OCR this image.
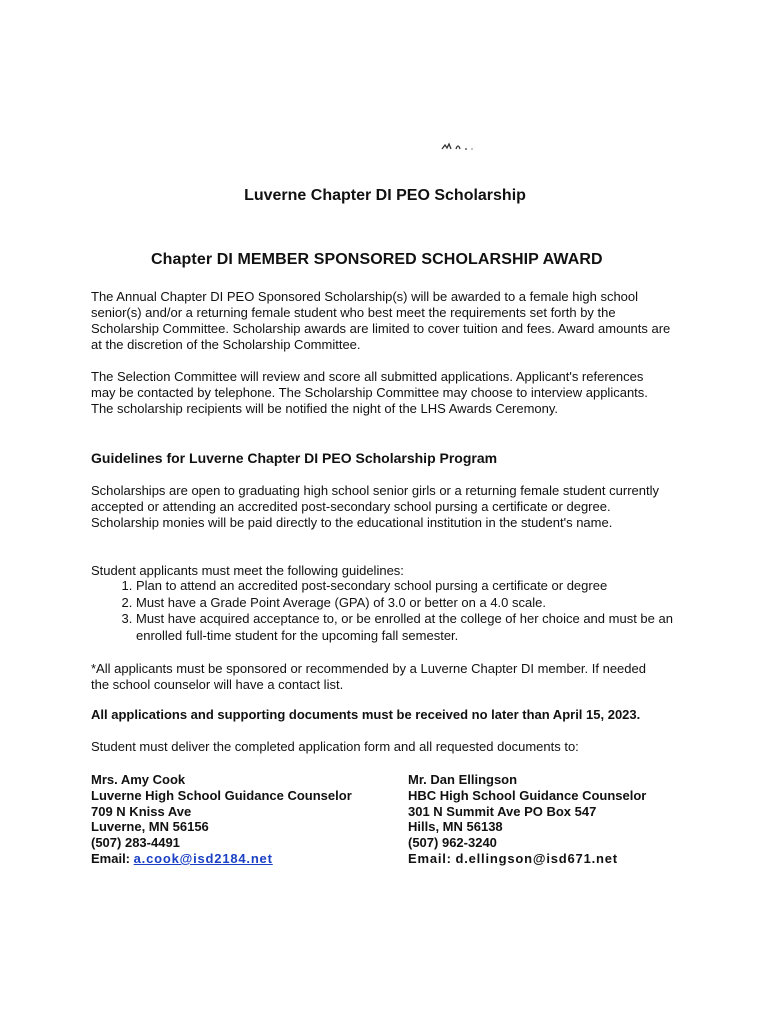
Luverne Chapter DI PEO Scholarship
Chapter DI MEMBER SPONSORED SCHOLARSHIP AWARD

The Annual Chapter DI PEO Sponsored Scholarship(s) will be awarded to a female high school senior(s) and/or a returning female student who best meet the requirements set forth by the Scholarship Committee. Scholarship awards are limited to cover tuition and fees. Award amounts are at the discretion of the Scholarship Committee.

The Selection Committee will review and score all submitted applications. Applicant's references may be contacted by telephone. The Scholarship Committee may choose to interview applicants. The scholarship recipients will be notified the night of the LHS Awards Ceremony.

Guidelines for Luverne Chapter DI PEO Scholarship Program

Scholarships are open to graduating high school senior girls or a returning female student currently accepted or attending an accredited post-secondary school pursing a certificate or degree. Scholarship monies will be paid directly to the educational institution in the student's name.

Student applicants must meet the following guidelines:

1. Plan to attend an accredited post-secondary school pursing a certificate or degree
2. Must have a Grade Point Average (GPA) of 3.0 or better on a 4.0 scale.
3. Must have acquired acceptance to, or be enrolled at the college of her choice and must be an enrolled full-time student for the upcoming fall semester.

*All applicants must be sponsored or recommended by a Luverne Chapter DI member. If needed the school counselor will have a contact list.

All applications and supporting documents must be received no later than April 15, 2023.

Student must deliver the completed application form and all requested documents to:

Mrs. Amy Cook
Luverne High School Guidance Counselor
709 N Kniss Ave
Luverne, MN 56156
(507) 283-4491
Email: a.cook@isd2184.net
Mr. Dan Ellingson
HBC High School Guidance Counselor
301 N Summit Ave PO Box 547
Hills, MN 56138
(507) 962-3240
Email: d.ellingson@isd671.net
